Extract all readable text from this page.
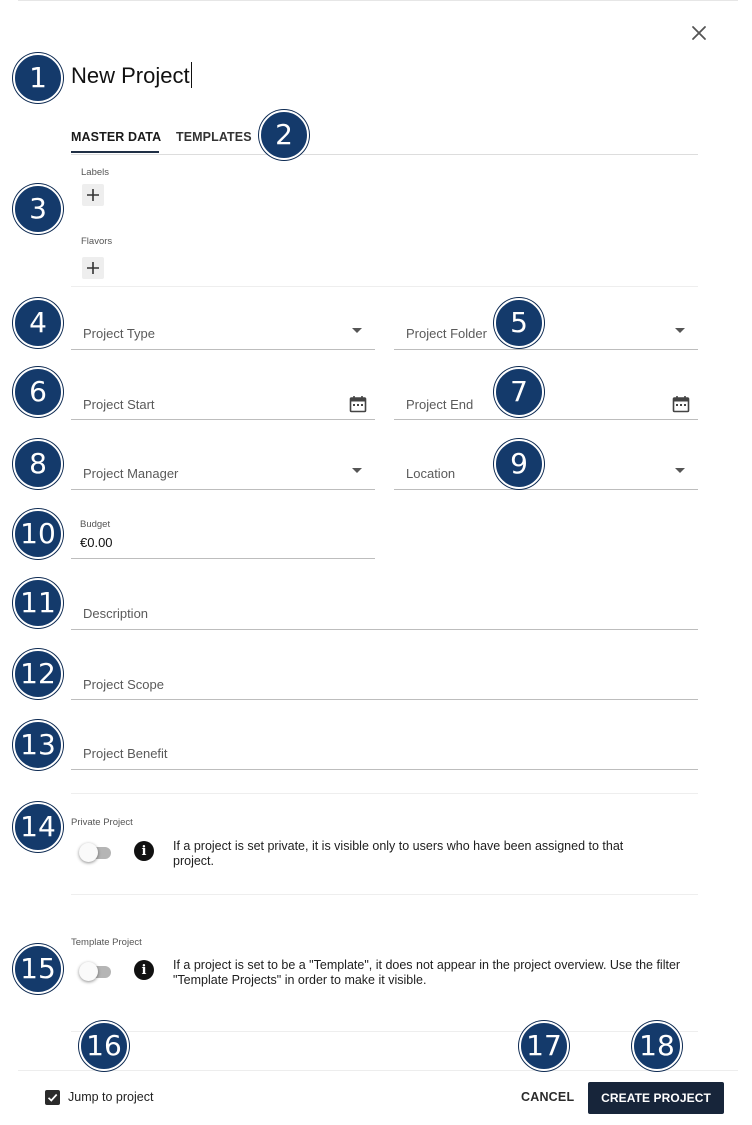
New Project
MASTER DATA TEMPLATES
Labels
Flavors
Project Type	Project Folder
Project Start	Project End
Project Manager	Location
Budget
€0.00
Description
Project Scope
Project Benefit
Private Project
i	If a project is set private, it is visible only to users who have been assigned to that
project.
Template Project
i	If a project is set to be a "Template", it does not appear in the project overview. Use the filter
"Template Projects" in order to make it visible.
Jump to project	CANCEL	CREATE PROJECT
1
2
3
4	5
6	7
8	9
10
11
12
13
14
15
16	17	18
